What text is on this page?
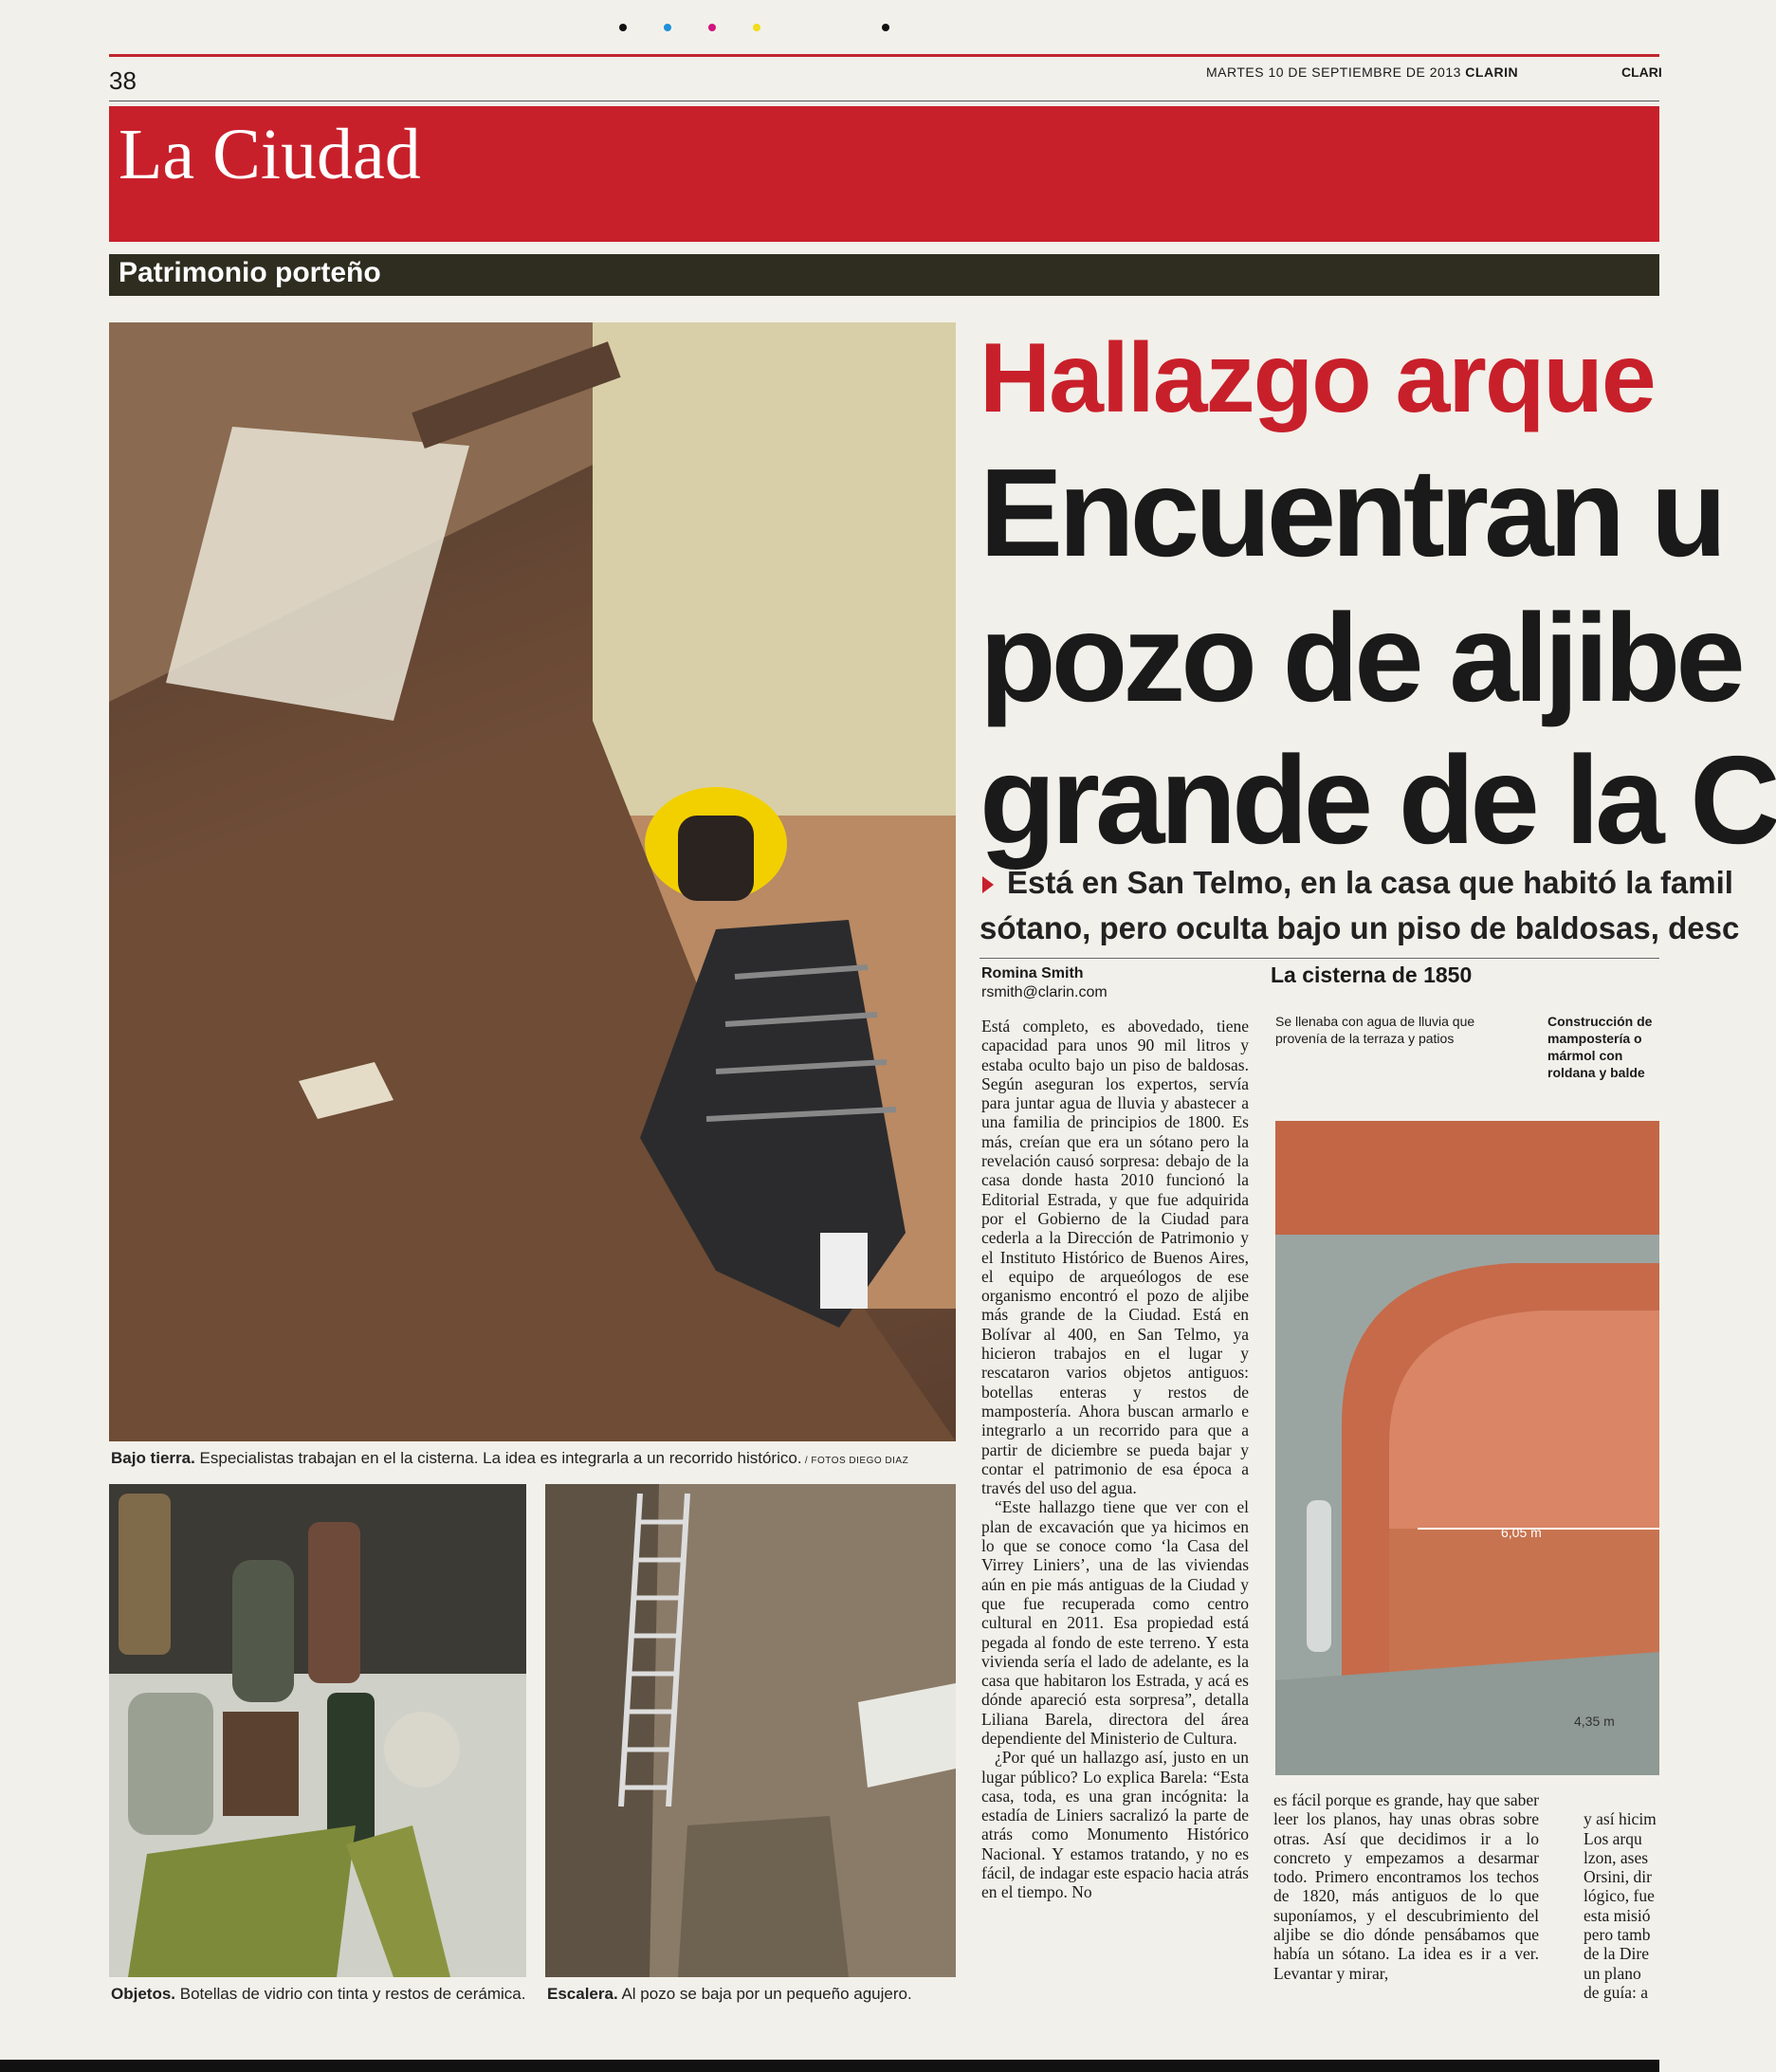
38	MARTES 10 DE SEPTIEMBRE DE 2013 CLARIN	CLARI
La Ciudad
Patrimonio porteño
Bajo tierra. Especialistas trabajan en el la cisterna. La idea es integrarla a un recorrido histórico. / FOTOS DIEGO DIAZ
Objetos. Botellas de vidrio con tinta y restos de cerámica. Escalera. Al pozo se baja por un pequeño agujero.
Hallazgo arque
Encuentran u
pozo de aljibe
grande de la C
Está en San Telmo, en la casa que habitó la famil
sótano, pero oculta bajo un piso de baldosas, desc
Romina Smith
rsmith@clarin.com

Está completo, es abovedado, tiene capacidad para unos 90 mil litros y estaba oculto bajo un piso de baldosas. Según aseguran los expertos, servía para juntar agua de lluvia y abastecer a una familia de principios de 1800. Es más, creían que era un sótano pero la revelación causó sorpresa: debajo de la casa donde hasta 2010 funcionó la Editorial Estrada, y que fue adquirida por el Gobierno de la Ciudad para cederla a la Dirección de Patrimonio y el Instituto Histórico de Buenos Aires, el equipo de arqueólogos de ese organismo encontró el pozo de aljibe más grande de la Ciudad. Está en Bolívar al 400, en San Telmo, ya hicieron trabajos en el lugar y rescataron varios objetos antiguos: botellas enteras y restos de mampostería. Ahora buscan armarlo e integrarlo a un recorrido para que a partir de diciembre se pueda bajar y contar el patrimonio de esa época a través del uso del agua.

“Este hallazgo tiene que ver con el plan de excavación que ya hicimos en lo que se conoce como ‘la Casa del Virrey Liniers’, una de las viviendas aún en pie más antiguas de la Ciudad y que fue recuperada como centro cultural en 2011. Esa propiedad está pegada al fondo de este terreno. Y esta vivienda sería el lado de adelante, es la casa que habitaron los Estrada, y acá es dónde apareció esta sorpresa”, detalla Liliana Barela, directora del área dependiente del Ministerio de Cultura.

¿Por qué un hallazgo así, justo en un lugar público? Lo explica Barela: “Esta casa, toda, es una gran incógnita: la estadía de Liniers sacralizó la parte de atrás como Monumento Histórico Nacional. Y estamos tratando, y no es fácil, de indagar este espacio hacia atrás en el tiempo. No

La cisterna de 1850
Se llenaba con agua de lluvia que provenía de la terraza y patios
Construcción de mampostería o mármol con roldana y balde
6,05 m
4,35 m

es fácil porque es grande, hay que saber leer los planos, hay unas obras sobre otras. Así que decidimos ir a lo concreto y empezamos a desarmar todo. Primero encontramos los techos de 1820, más antiguos de lo que suponíamos, y el descubrimiento del aljibe se dio dónde pensábamos que había un sótano. La idea es ir a ver. Levantar y mirar,

y así hicim
Los arqu
lzon, ases
Orsini, dir
lógico, fue
esta misió
pero tamb
de la Dire
un plano
de guía: a
